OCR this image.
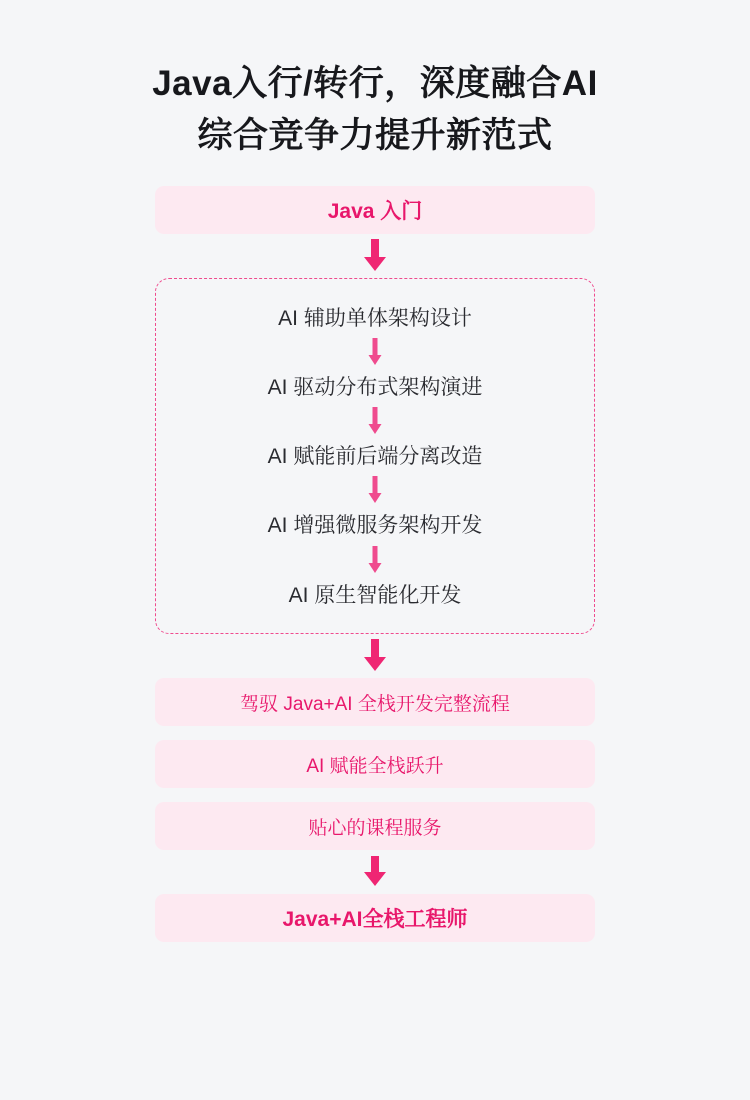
Java入行/转行，深度融合AI
综合竞争力提升新范式
Java 入门
AI 辅助单体架构设计
AI 驱动分布式架构演进
AI 赋能前后端分离改造
AI 增强微服务架构开发
AI 原生智能化开发
驾驭 Java+AI 全栈开发完整流程
AI 赋能全栈跃升
贴心的课程服务
Java+AI全栈工程师
